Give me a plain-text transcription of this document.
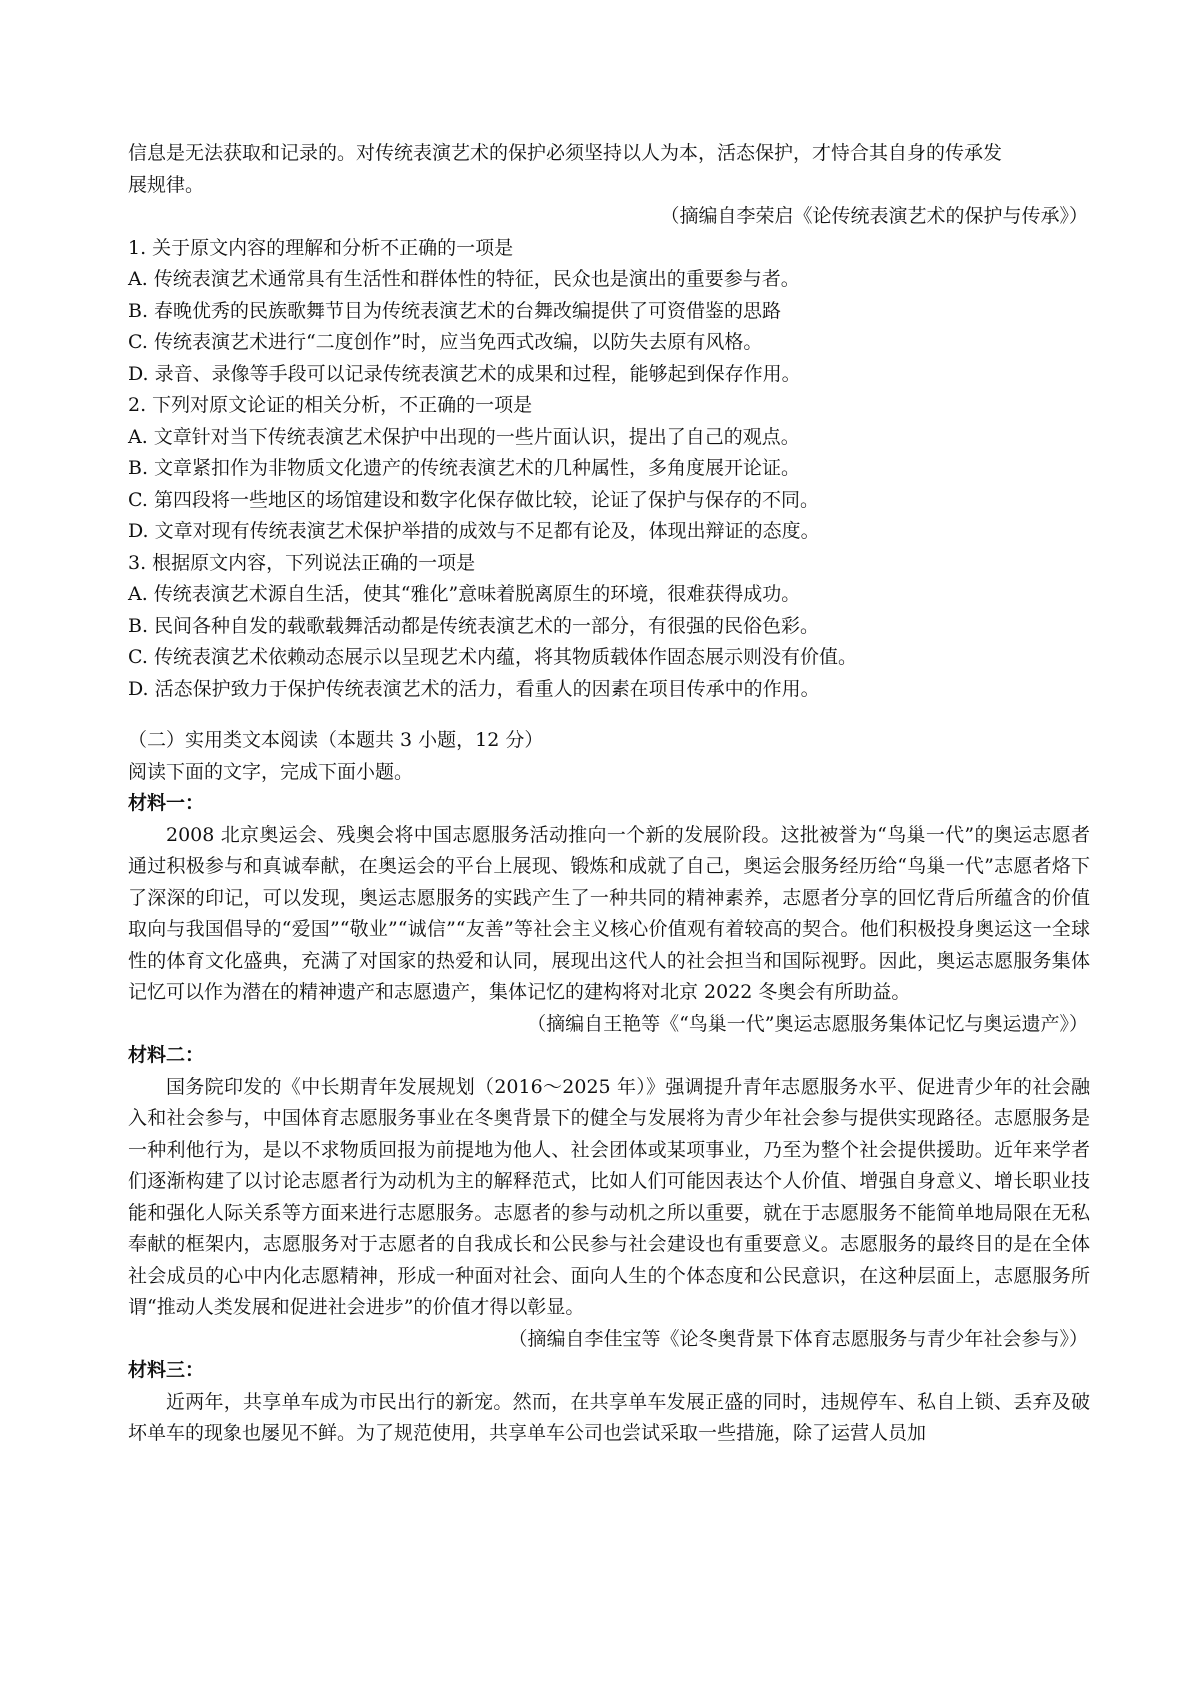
信息是无法获取和记录的。对传统表演艺术的保护必须坚持以人为本，活态保护，才恃合其自身的传承发

展规律。

（摘编自李荣启《论传统表演艺术的保护与传承》）

1. 关于原文内容的理解和分析不正确的一项是

A. 传统表演艺术通常具有生活性和群体性的特征，民众也是演出的重要参与者。

B. 春晚优秀的民族歌舞节目为传统表演艺术的台舞改编提供了可资借鉴的思路

C. 传统表演艺术进行“二度创作”时，应当免西式改编，以防失去原有风格。

D. 录音、录像等手段可以记录传统表演艺术的成果和过程，能够起到保存作用。

2. 下列对原文论证的相关分析，不正确的一项是

A. 文章针对当下传统表演艺术保护中出现的一些片面认识，提出了自己的观点。

B. 文章紧扣作为非物质文化遗产的传统表演艺术的几种属性，多角度展开论证。

C. 第四段将一些地区的场馆建设和数字化保存做比较，论证了保护与保存的不同。

D. 文章对现有传统表演艺术保护举措的成效与不足都有论及，体现出辩证的态度。

3. 根据原文内容，下列说法正确的一项是

A. 传统表演艺术源自生活，使其“雅化”意味着脱离原生的环境，很难获得成功。

B. 民间各种自发的载歌载舞活动都是传统表演艺术的一部分，有很强的民俗色彩。

C. 传统表演艺术依赖动态展示以呈现艺术内蕴，将其物质载体作固态展示则没有价值。

D. 活态保护致力于保护传统表演艺术的活力，看重人的因素在项目传承中的作用。

（二）实用类文本阅读（本题共 3 小题，12 分）

阅读下面的文字，完成下面小题。

材料一：

2008 北京奥运会、残奥会将中国志愿服务活动推向一个新的发展阶段。这批被誉为“鸟巢一代”的奥运志愿者通过积极参与和真诚奉献，在奥运会的平台上展现、锻炼和成就了自己，奥运会服务经历给“鸟巢一代”志愿者烙下了深深的印记，可以发现，奥运志愿服务的实践产生了一种共同的精神素养，志愿者分享的回忆背后所蕴含的价值取向与我国倡导的“爱国”“敬业”“诚信”“友善”等社会主义核心价值观有着较高的契合。他们积极投身奥运这一全球性的体育文化盛典，充满了对国家的热爱和认同，展现出这代人的社会担当和国际视野。因此，奥运志愿服务集体记忆可以作为潜在的精神遗产和志愿遗产，集体记忆的建构将对北京 2022 冬奥会有所助益。

（摘编自王艳等《“鸟巢一代”奥运志愿服务集体记忆与奥运遗产》）

材料二：

国务院印发的《中长期青年发展规划（2016～2025 年）》强调提升青年志愿服务水平、促进青少年的社会融入和社会参与，中国体育志愿服务事业在冬奥背景下的健全与发展将为青少年社会参与提供实现路径。志愿服务是一种利他行为，是以不求物质回报为前提地为他人、社会团体或某项事业，乃至为整个社会提供援助。近年来学者们逐渐构建了以讨论志愿者行为动机为主的解释范式，比如人们可能因表达个人价值、增强自身意义、增长职业技能和强化人际关系等方面来进行志愿服务。志愿者的参与动机之所以重要，就在于志愿服务不能简单地局限在无私奉献的框架内，志愿服务对于志愿者的自我成长和公民参与社会建设也有重要意义。志愿服务的最终目的是在全体社会成员的心中内化志愿精神，形成一种面对社会、面向人生的个体态度和公民意识，在这种层面上，志愿服务所谓“推动人类发展和促进社会进步”的价值才得以彰显。

（摘编自李佳宝等《论冬奥背景下体育志愿服务与青少年社会参与》）

材料三：

近两年，共享单车成为市民出行的新宠。然而，在共享单车发展正盛的同时，违规停车、私自上锁、丢弃及破坏单车的现象也屡见不鲜。为了规范使用，共享单车公司也尝试采取一些措施，除了运营人员加
